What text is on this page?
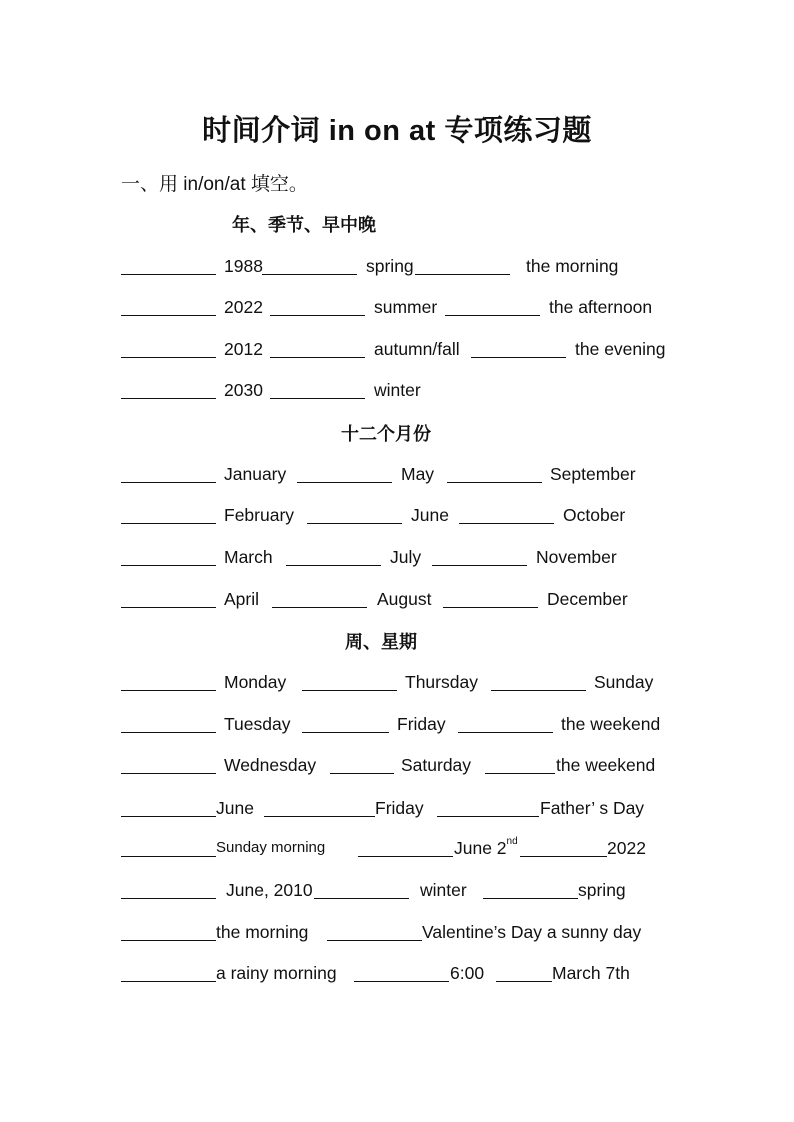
时间介词 in on at 专项练习题
一、用 in/on/at 填空。
年、季节、早中晚
1988	spring	the morning
2022	summer	the afternoon
2012	autumn/fall	the evening
2030	winter
十二个月份
January	May	September
February	June	October
March	July	November
April	August	December
周、星期
Monday	Thursday	Sunday
Tuesday	Friday	the weekend
Wednesday	Saturday	the weekend
June	Friday	Father’ s Day
Sunday morning	June 2nd	2022
June, 2010	winter	spring
the morning	Valentine’s Day a sunny day
a rainy morning	6:00	March 7th
